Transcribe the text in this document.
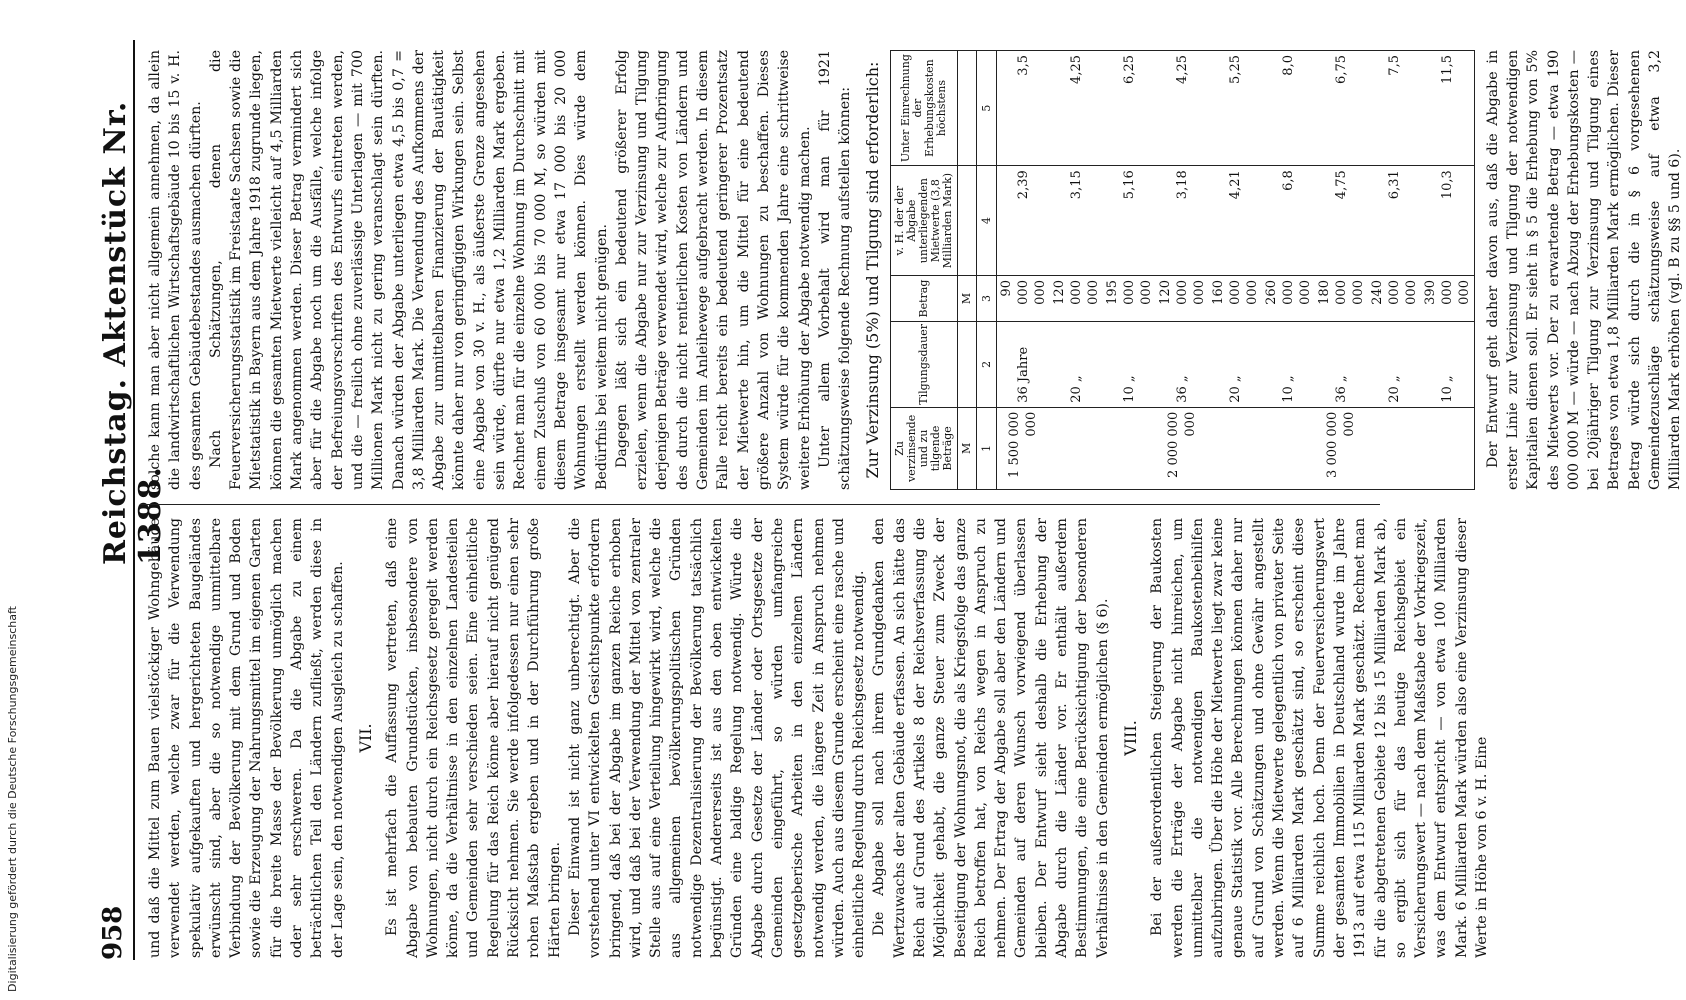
958
Reichstag. Aktenstück Nr. 1388.

und daß die Mittel zum Bauen vielstöckiger Wohngebäude verwendet werden, welche zwar für die Verwendung spekulativ aufgekauften und hergerichteten Baugeländes erwünscht sind, aber die so notwendige unmittelbare Verbindung der Bevölkerung mit dem Grund und Boden sowie die Erzeugung der Nahrungsmittel im eigenen Garten für die breite Masse der Bevölkerung unmöglich machen oder sehr erschweren. Da die Abgabe zu einem beträchtlichen Teil den Ländern zufließt, werden diese in der Lage sein, den notwendigen Ausgleich zu schaffen. VII. Es ist mehrfach die Auffassung vertreten, daß eine Abgabe von bebauten Grundstücken, insbesondere von Wohnungen, nicht durch ein Reichsgesetz geregelt werden könne, da die Verhältnisse in den einzelnen Landesteilen und Gemeinden sehr verschieden seien. Eine einheitliche Regelung für das Reich könne aber hierauf nicht genügend Rücksicht nehmen. Sie werde infolgedessen nur einen sehr rohen Maßstab ergeben und in der Durchführung große Härten bringen. Dieser Einwand ist nicht ganz unberechtigt. Aber die vorstehend unter VI entwickelten Gesichtspunkte erfordern bringend, daß bei der Abgabe im ganzen Reiche erhoben wird, und daß bei der Verwendung der Mittel von zentraler Stelle aus auf eine Verteilung hingewirkt wird, welche die aus allgemeinen bevölkerungspolitischen Gründen notwendige Dezentralisierung der Bevölkerung tatsächlich begünstigt. Andererseits ist aus den oben entwickelten Gründen eine baldige Regelung notwendig. Würde die Abgabe durch Gesetze der Länder oder Ortsgesetze der Gemeinden eingeführt, so würden umfangreiche gesetzgeberische Arbeiten in den einzelnen Ländern notwendig werden, die längere Zeit in Anspruch nehmen würden. Auch aus diesem Grunde erscheint eine rasche und einheitliche Regelung durch Reichsgesetz notwendig. Die Abgabe soll nach ihrem Grundgedanken den Wertzuwachs der alten Gebäude erfassen. An sich hätte das Reich auf Grund des Artikels 8 der Reichsverfassung die Möglichkeit gehabt, die ganze Steuer zum Zweck der Beseitigung der Wohnungsnot, die als Kriegsfolge das ganze Reich betroffen hat, von Reichs wegen in Anspruch zu nehmen. Der Ertrag der Abgabe soll aber den Ländern und Gemeinden auf deren Wunsch vorwiegend überlassen bleiben. Der Entwurf sieht deshalb die Erhebung der Abgabe durch die Länder vor. Er enthält außerdem Bestimmungen, die eine Berücksichtigung der besonderen Verhältnisse in den Gemeinden ermöglichen (§ 6). VIII. Bei der außerordentlichen Steigerung der Baukosten werden die Erträge der Abgabe nicht hinreichen, um unmittelbar die notwendigen Baukostenbeihilfen aufzubringen. Über die Höhe der Mietwerte liegt zwar keine genaue Statistik vor. Alle Berechnungen können daher nur auf Grund von Schätzungen und ohne Gewähr angestellt werden. Wenn die Mietwerte gelegentlich von privater Seite auf 6 Milliarden Mark geschätzt sind, so erscheint diese Summe reichlich hoch. Denn der Feuerversicherungswert der gesamten Immobilien in Deutschland wurde im Jahre 1913 auf etwa 115 Milliarden Mark geschätzt. Rechnet man für die abgetretenen Gebiete 12 bis 15 Milliarden Mark ab, so ergibt sich für das heutige Reichsgebiet ein Versicherungswert — nach dem Maßstabe der Vorkriegszeit, was dem Entwurf entspricht — von etwa 100 Milliarden Mark. 6 Milliarden Mark würden also eine Verzinsung dieser Werte in Höhe von 6 v. H. Eine

solche kann man aber nicht allgemein annehmen, da allein die landwirtschaftlichen Wirtschaftsgebäude 10 bis 15 v. H. des gesamten Gebäudebestandes ausmachen dürften. Nach Schätzungen, denen die Feuerversicherungsstatistik im Freistaate Sachsen sowie die Mietstatistik in Bayern aus dem Jahre 1918 zugrunde liegen, können die gesamten Mietwerte vielleicht auf 4,5 Milliarden Mark angenommen werden. Dieser Betrag vermindert sich aber für die Abgabe noch um die Ausfälle, welche infolge der Befreiungsvorschriften des Entwurfs eintreten werden, und die — freilich ohne zuverlässige Unterlagen — mit 700 Millionen Mark nicht zu gering veranschlagt sein dürften. Danach würden der Abgabe unterliegen etwa 4,5 bis 0,7 = 3,8 Milliarden Mark. Die Verwendung des Aufkommens der Abgabe zur unmittelbaren Finanzierung der Bautätigkeit könnte daher nur von geringfügigen Wirkungen sein. Selbst eine Abgabe von 30 v. H., als äußerste Grenze angesehen sein würde, dürfte nur etwa 1,2 Milliarden Mark ergeben. Rechnet man für die einzelne Wohnung im Durchschnitt mit einem Zuschuß von 60 000 bis 70 000 M, so würden mit diesem Betrage insgesamt nur etwa 17 000 bis 20 000 Wohnungen erstellt werden können. Dies würde dem Bedürfnis bei weitem nicht genügen. Dagegen läßt sich ein bedeutend größerer Erfolg erzielen, wenn die Abgabe nur zur Verzinsung und Tilgung derjenigen Beträge verwendet wird, welche zur Aufbringung des durch die nicht rentierlichen Kosten von Ländern und Gemeinden im Anleihewege aufgebracht werden. In diesem Falle reicht bereits ein bedeutend geringerer Prozentsatz der Mietwerte hin, um die Mittel für eine bedeutend größere Anzahl von Wohnungen zu beschaffen. Dieses System würde für die kommenden Jahre eine schrittweise weitere Erhöhung der Abgabe notwendig machen. Unter allem Vorbehalt wird man für 1921 schätzungsweise folgende Rechnung aufstellen können: Zur Verzinsung (5%) und Tilgung sind erforderlich: Zu verzinsende und zu tilgende Beträge	Tilgungsdauer	Betrag	v. H. der der Abgabe unterliegenden Mietwerte (3,8 Milliarden Mark)	Unter Einrechnung der Erhebungskosten höchstens
M		M		
1	2	3	4	5
1 500 000 000	36 Jahre	90 000 000	2,39	3,5
	20 „	120 000 000	3,15	4,25
	10 „	195 000 000	5,16	6,25
2 000 000 000	36 „	120 000 000	3,18	4,25
	20 „	160 000 000	4,21	5,25
	10 „	260 000 000	6,8	8,0
3 000 000 000	36 „	180 000 000	4,75	6,75
	20 „	240 000 000	6,31	7,5
	10 „	390 000 000	10,3	11,5 Der Entwurf geht daher davon aus, daß die Abgabe in erster Linie zur Verzinsung und Tilgung der notwendigen Kapitalien dienen soll. Er sieht in § 5 die Erhebung von 5% des Mietwerts vor. Der zu erwartende Betrag — etwa 190 000 000 M — würde — nach Abzug der Erhebungskosten — bei 20jähriger Tilgung zur Verzinsung und Tilgung eines Betrages von etwa 1,8 Milliarden Mark ermöglichen. Dieser Betrag würde sich durch die in § 6 vorgesehenen Gemeindezuschläge schätzungsweise auf etwa 3,2 Milliarden Mark erhöhen (vgl. B zu §§ 5 und 6).

Digitalisierung gefördert durch die Deutsche Forschungsgemeinschaft
